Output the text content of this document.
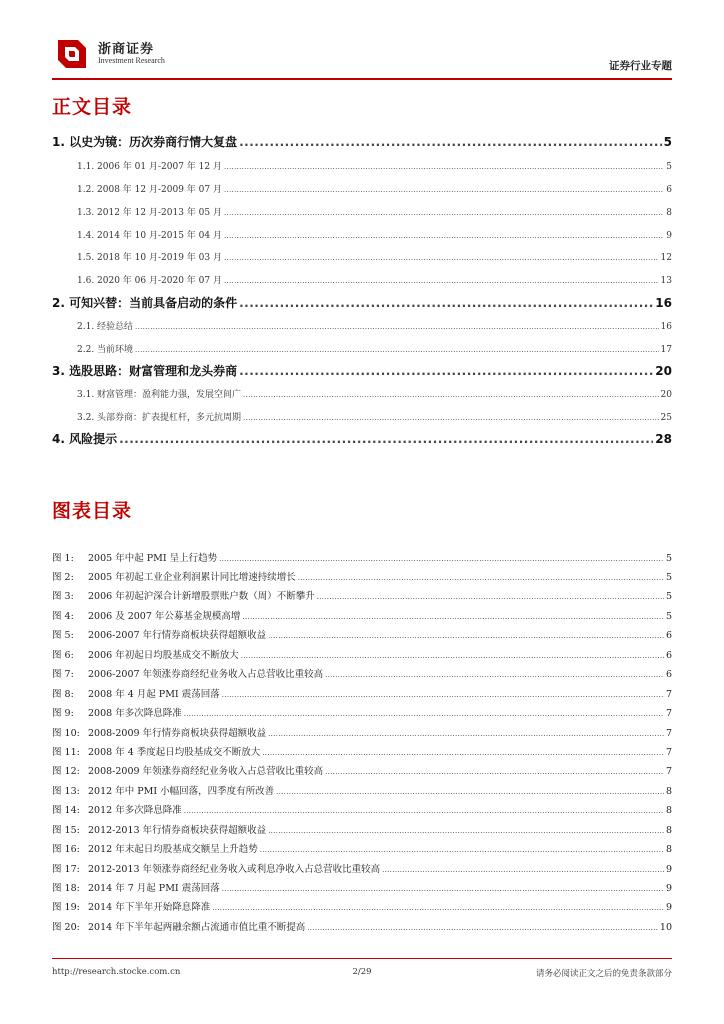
浙商证券
Investment Research	证券行业专题
正文目录
1. 以史为镜：历次券商行情大复盘 .....	5
1.1. 2006 年 01 月-2007 年 12 月 .....	5
1.2. 2008 年 12 月-2009 年 07 月 .....	6
1.3. 2012 年 12 月-2013 年 05 月 .....	8
1.4. 2014 年 10 月-2015 年 04 月 .....	9
1.5. 2018 年 10 月-2019 年 03 月 .....	12
1.6. 2020 年 06 月-2020 年 07 月 .....	13
2. 可知兴替：当前具备启动的条件 .....	16
2.1. 经验总结 .....	16
2.2. 当前环境 .....	17
3. 选股思路：财富管理和龙头券商 .....	20
3.1. 财富管理：盈利能力强，发展空间广 .....	20
3.2. 头部券商：扩表提杠杆，多元抗周期 .....	25
4. 风险提示 .....	28
图表目录
图 1: 2005 年中起 PMI 呈上行趋势 .....	5
图 2: 2005 年初起工业企业利润累计同比增速持续增长 .....	5
图 3: 2006 年初起沪深合计新增股票账户数（周）不断攀升 .....	5
图 4: 2006 及 2007 年公募基金规模高增 .....	5
图 5: 2006-2007 年行情券商板块获得超额收益 .....	6
图 6: 2006 年初起日均股基成交不断放大 .....	6
图 7: 2006-2007 年领涨券商经纪业务收入占总营收比重较高 .....	6
图 8: 2008 年 4 月起 PMI 震荡回落 .....	7
图 9: 2008 年多次降息降准 .....	7
图 10: 2008-2009 年行情券商板块获得超额收益 .....	7
图 11: 2008 年 4 季度起日均股基成交不断放大 .....	7
图 12: 2008-2009 年领涨券商经纪业务收入占总营收比重较高 .....	7
图 13: 2012 年中 PMI 小幅回落，四季度有所改善 .....	8
图 14: 2012 年多次降息降准 .....	8
图 15: 2012-2013 年行情券商板块获得超额收益 .....	8
图 16: 2012 年末起日均股基成交额呈上升趋势 .....	8
图 17: 2012-2013 年领涨券商经纪业务收入或利息净收入占总营收比重较高 .....	9
图 18: 2014 年 7 月起 PMI 震荡回落 .....	9
图 19: 2014 年下半年开始降息降准 .....	9
图 20: 2014 年下半年起两融余额占流通市值比重不断提高 .....	10
http://research.stocke.com.cn	2/29	请务必阅读正文之后的免责条款部分
